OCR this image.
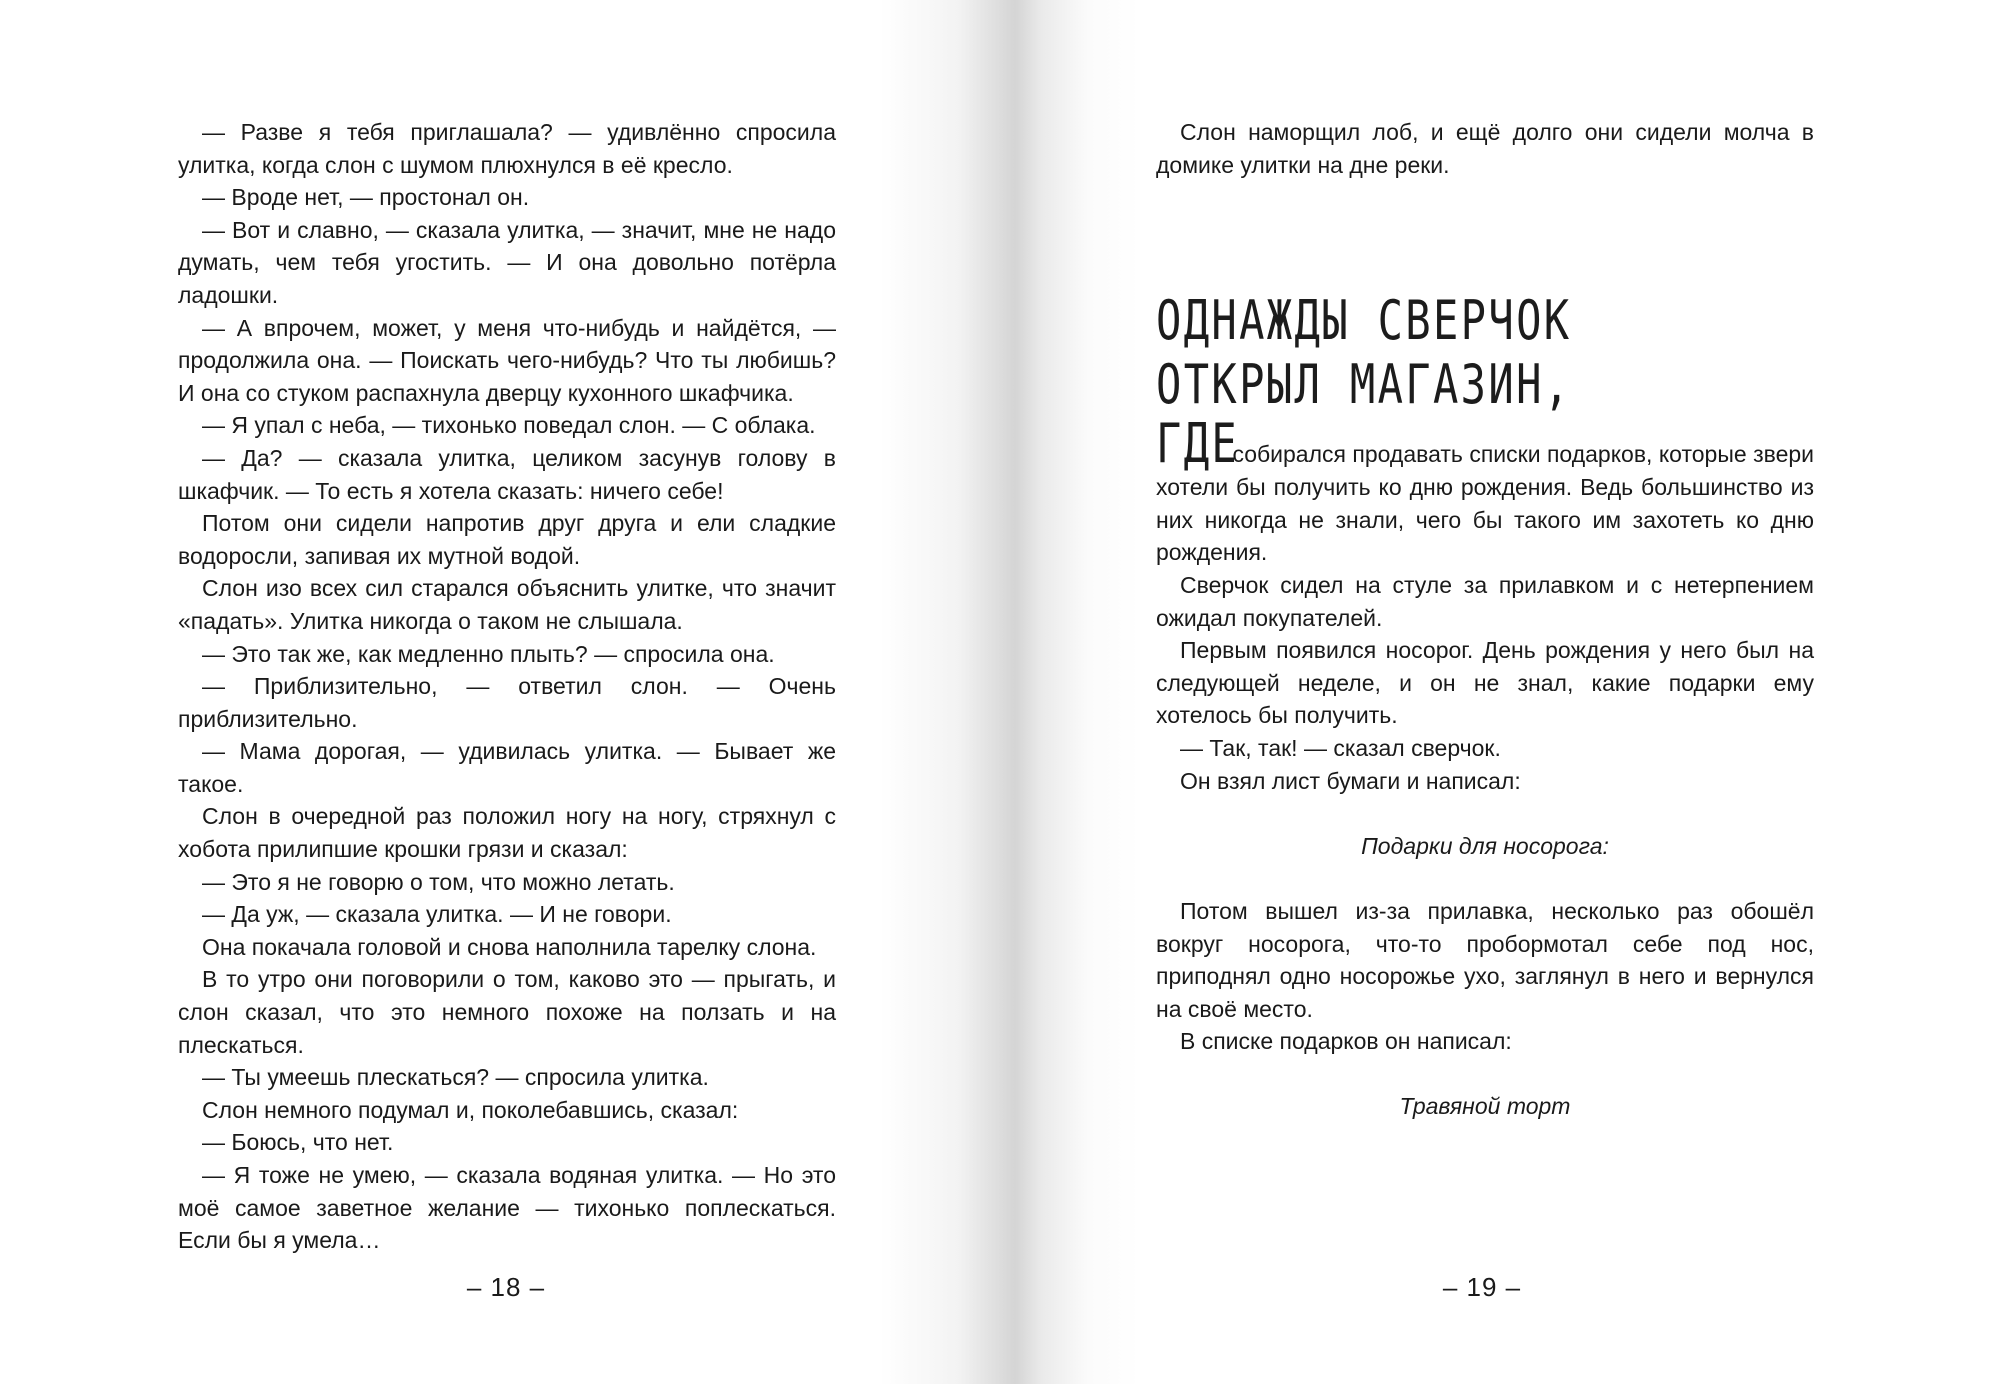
— Разве я тебя приглашала? — удивлённо спросила улитка, когда слон с шумом плюхнулся в её кресло.

— Вроде нет, — простонал он.

— Вот и славно, — сказала улитка, — значит, мне не надо думать, чем тебя угостить. — И она довольно потёрла ладошки.

— А впрочем, может, у меня что-нибудь и найдётся, — продолжила она. — Поискать чего-нибудь? Что ты любишь? И она со стуком распахнула дверцу кухонного шкафчика.

— Я упал с неба, — тихонько поведал слон. — С облака.

— Да? — сказала улитка, целиком засунув голову в шкафчик. — То есть я хотела сказать: ничего себе!

Потом они сидели напротив друг друга и ели сладкие водоросли, запивая их мутной водой.

Слон изо всех сил старался объяснить улитке, что значит «падать». Улитка никогда о таком не слышала.

— Это так же, как медленно плыть? — спросила она.

— Приблизительно, — ответил слон. — Очень приблизительно.

— Мама дорогая, — удивилась улитка. — Бывает же такое.

Слон в очередной раз положил ногу на ногу, стряхнул с хобота прилипшие крошки грязи и сказал:

— Это я не говорю о том, что можно летать.

— Да уж, — сказала улитка. — И не говори.

Она покачала головой и снова наполнила тарелку слона.

В то утро они поговорили о том, каково это — прыгать, и слон сказал, что это немного похоже на ползать и на плескаться.

— Ты умеешь плескаться? — спросила улитка.

Слон немного подумал и, поколебавшись, сказал:

— Боюсь, что нет.

— Я тоже не умею, — сказала водяная улитка. — Но это моё самое заветное желание — тихонько поплескаться. Если бы я умела…

– 18 –

Слон наморщил лоб, и ещё долго они сидели молча в домике улитки на дне реки.

ОДНАЖДЫ СВЕРЧОК
ОТКРЫЛ МАГАЗИН,

ГДЕ собирался продавать списки подарков, которые звери хотели бы получить ко дню рождения. Ведь большинство из них никогда не знали, чего бы такого им захотеть ко дню рождения.

Сверчок сидел на стуле за прилавком и с нетерпением ожидал покупателей.

Первым появился носорог. День рождения у него был на следующей неделе, и он не знал, какие подарки ему хотелось бы получить.

— Так, так! — сказал сверчок.

Он взял лист бумаги и написал:

Подарки для носорога:

Потом вышел из-за прилавка, несколько раз обошёл вокруг носорога, что-то пробормотал себе под нос, приподнял одно носорожье ухо, заглянул в него и вернулся на своё место.

В списке подарков он написал:

Травяной торт

– 19 –
